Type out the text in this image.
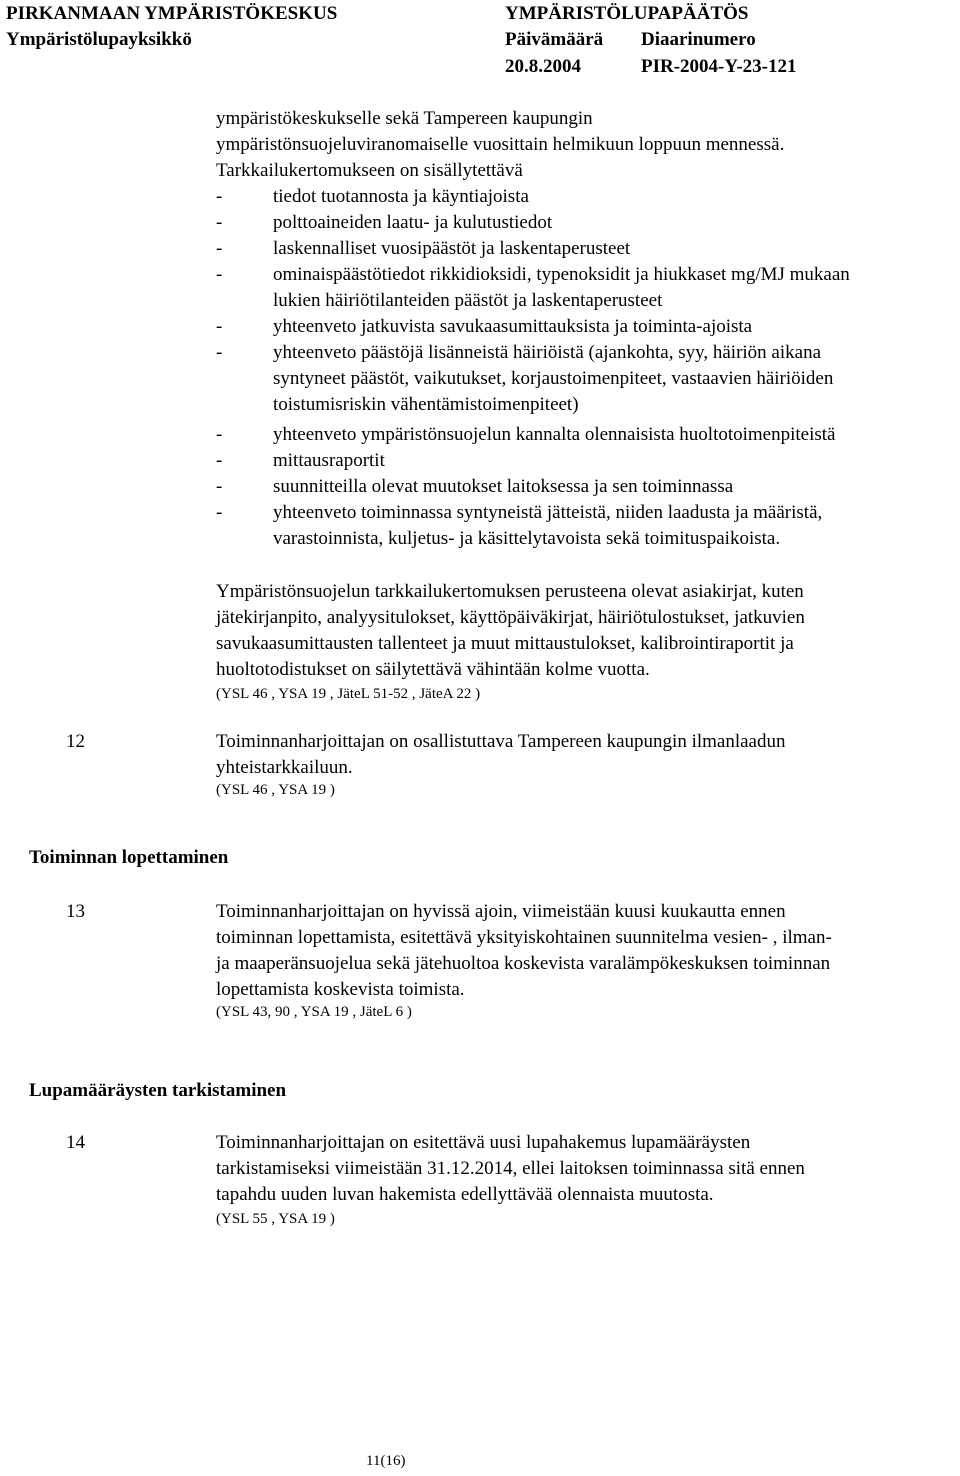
PIRKANMAAN YMPÄRISTÖKESKUS
Ympäristölupayksikkö
YMPÄRISTÖLUPAPÄÄTÖS
Päivämäärä Diaarinumero
20.8.2004	PIR-2004-Y-23-121
ympäristökeskukselle sekä Tampereen kaupungin
ympäristönsuojeluviranomaiselle vuosittain helmikuun loppuun mennessä.
Tarkkailukertomukseen on sisällytettävä
-	tiedot tuotannosta ja käyntiajoista
-	polttoaineiden laatu- ja kulutustiedot
-	laskennalliset vuosipäästöt ja laskentaperusteet
-	ominaispäästötiedot rikkidioksidi, typenoksidit ja hiukkaset mg/MJ mukaan
lukien häiriötilanteiden päästöt ja laskentaperusteet
-	yhteenveto jatkuvista savukaasumittauksista ja toiminta-ajoista
-	yhteenveto päästöjä lisänneistä häiriöistä (ajankohta, syy, häiriön aikana
syntyneet päästöt, vaikutukset, korjaustoimenpiteet, vastaavien häiriöiden
toistumisriskin vähentämistoimenpiteet)
-	yhteenveto ympäristönsuojelun kannalta olennaisista huoltotoimenpiteistä
-	mittausraportit
-	suunnitteilla olevat muutokset laitoksessa ja sen toiminnassa
-	yhteenveto toiminnassa syntyneistä jätteistä, niiden laadusta ja määristä,
varastoinnista, kuljetus- ja käsittelytavoista sekä toimituspaikoista.
Ympäristönsuojelun tarkkailukertomuksen perusteena olevat asiakirjat, kuten
jätekirjanpito, analyysitulokset, käyttöpäiväkirjat, häiriötulostukset, jatkuvien
savukaasumittausten tallenteet ja muut mittaustulokset, kalibrointiraportit ja
huoltotodistukset on säilytettävä vähintään kolme vuotta.
(YSL 46 , YSA 19 , JäteL 51-52 , JäteA 22 )
12	Toiminnanharjoittajan on osallistuttava Tampereen kaupungin ilmanlaadun
yhteistarkkailuun.
(YSL 46 , YSA 19 )
Toiminnan lopettaminen
13	Toiminnanharjoittajan on hyvissä ajoin, viimeistään kuusi kuukautta ennen
toiminnan lopettamista, esitettävä yksityiskohtainen suunnitelma vesien- , ilman-
ja maaperänsuojelua sekä jätehuoltoa koskevista varalämpökeskuksen toiminnan
lopettamista koskevista toimista.
(YSL 43, 90 , YSA 19 , JäteL 6 )
Lupamääräysten tarkistaminen
14	Toiminnanharjoittajan on esitettävä uusi lupahakemus lupamääräysten
tarkistamiseksi viimeistään 31.12.2014, ellei laitoksen toiminnassa sitä ennen
tapahdu uuden luvan hakemista edellyttävää olennaista muutosta.
(YSL 55 , YSA 19 )
11(16)
